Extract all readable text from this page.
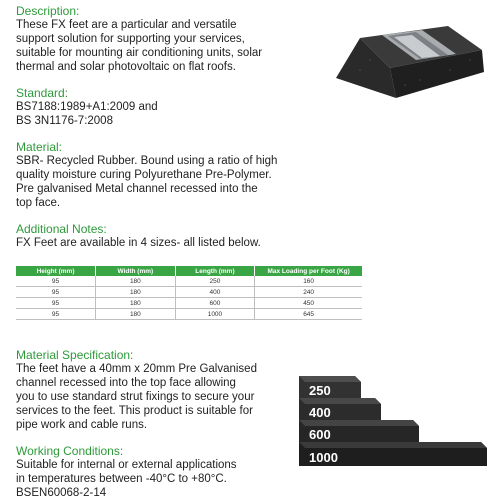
Description:
These FX feet are a particular and versatile
support solution for supporting your services,
suitable for mounting air conditioning units, solar
thermal and solar photovoltaic on flat roofs.
Standard:
BS7188:1989+A1:2009 and
BS 3N1176-7:2008
Material:
SBR- Recycled Rubber. Bound using a ratio of high
quality moisture curing Polyurethane Pre-Polymer.
Pre galvanised Metal channel recessed into the
top face.
Additional Notes:
FX Feet are available in 4 sizes- all listed below.
Height (mm)	Width (mm)	Length (mm)	Max Loading per Foot (Kg)
95	180	250	160
95	180	400	240
95	180	600	450
95	180	1000	645
Material Specification:
The feet have a 40mm x 20mm Pre Galvanised
channel recessed into the top face allowing
you to use standard strut fixings to secure your
services to the feet. This product is suitable for
pipe work and cable runs.
Working Conditions:
Suitable for internal or external applications
in temperatures between -40°C to +80°C.
BSEN60068-2-14
250
400
600
1000
